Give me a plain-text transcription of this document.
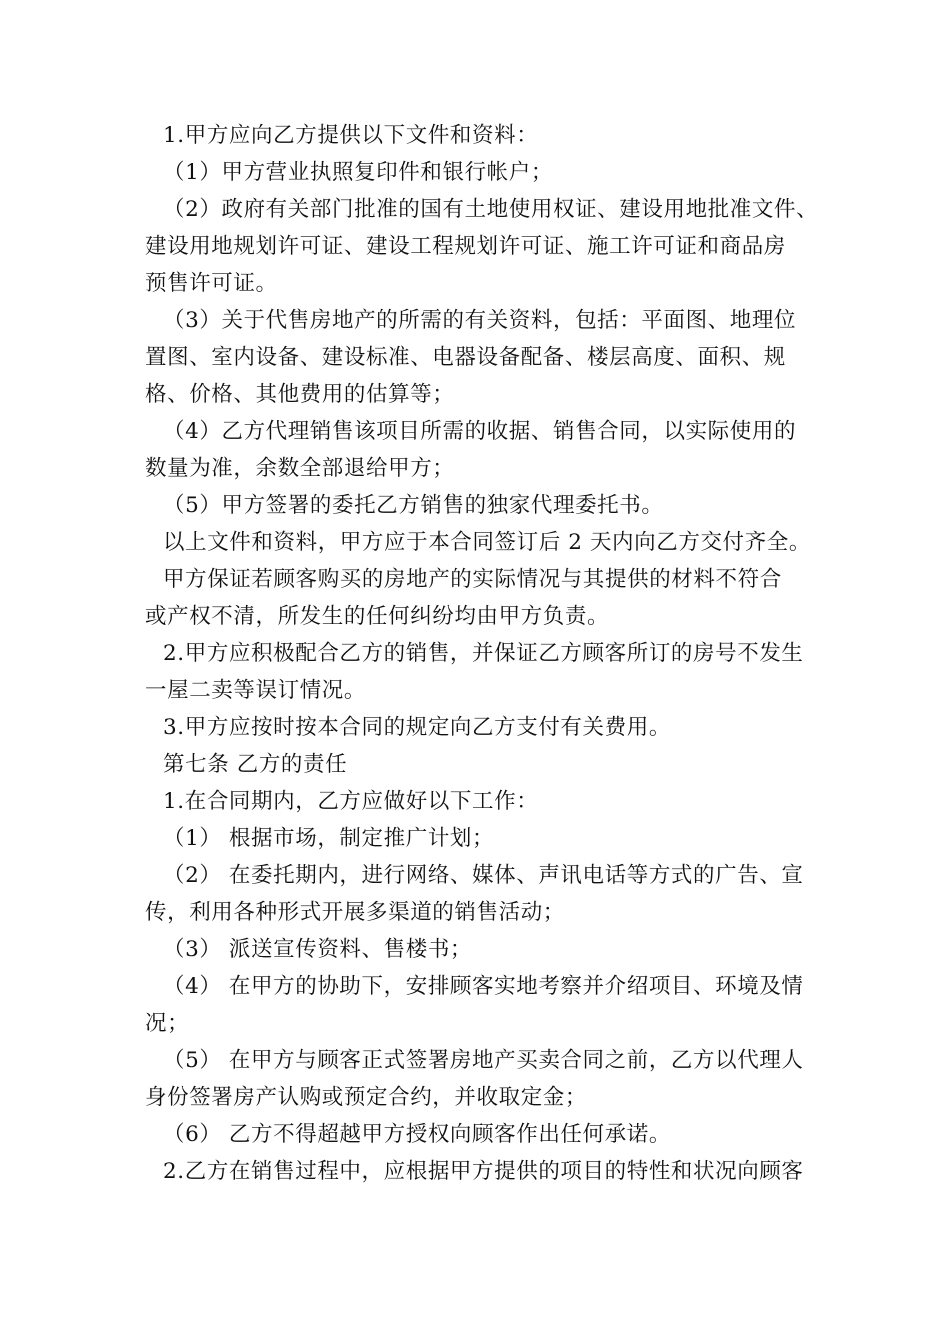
1.甲方应向乙方提供以下文件和资料：
（1）甲方营业执照复印件和银行帐户；
（2）政府有关部门批准的国有土地使用权证、建设用地批准文件、
建设用地规划许可证、建设工程规划许可证、施工许可证和商品房
预售许可证。
（3）关于代售房地产的所需的有关资料，包括：平面图、地理位
置图、室内设备、建设标准、电器设备配备、楼层高度、面积、规
格、价格、其他费用的估算等；
（4）乙方代理销售该项目所需的收据、销售合同，以实际使用的
数量为准，余数全部退给甲方；
（5）甲方签署的委托乙方销售的独家代理委托书。
以上文件和资料，甲方应于本合同签订后 2 天内向乙方交付齐全。
甲方保证若顾客购买的房地产的实际情况与其提供的材料不符合
或产权不清，所发生的任何纠纷均由甲方负责。
2.甲方应积极配合乙方的销售，并保证乙方顾客所订的房号不发生
一屋二卖等误订情况。
3.甲方应按时按本合同的规定向乙方支付有关费用。
第七条 乙方的责任
1.在合同期内，乙方应做好以下工作：
（1） 根据市场，制定推广计划；
（2） 在委托期内，进行网络、媒体、声讯电话等方式的广告、宣
传，利用各种形式开展多渠道的销售活动；
（3） 派送宣传资料、售楼书；
（4） 在甲方的协助下，安排顾客实地考察并介绍项目、环境及情
况；
（5） 在甲方与顾客正式签署房地产买卖合同之前，乙方以代理人
身份签署房产认购或预定合约，并收取定金；
（6） 乙方不得超越甲方授权向顾客作出任何承诺。
2.乙方在销售过程中，应根据甲方提供的项目的特性和状况向顾客
